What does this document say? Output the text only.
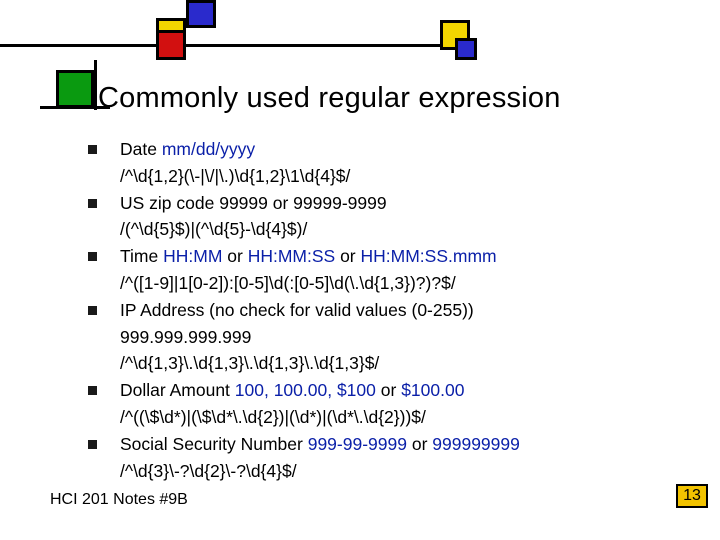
Commonly used regular expression
Date mm/dd/yyyy
/^\d{1,2}(\-|\/|\.)\d{1,2}\1\d{4}$/
US zip code 99999 or 99999-9999
/(^\d{5}$)|(^\d{5}-\d{4}$)/
Time HH:MM or HH:MM:SS or HH:MM:SS.mmm
/^([1-9]|1[0-2]):[0-5]\d(:[0-5]\d(\.\d{1,3})?)?$/
IP Address (no check for valid values (0-255))
999.999.999.999
/^\d{1,3}\.\d{1,3}\.\d{1,3}\.\d{1,3}$/
Dollar Amount 100, 100.00, $100 or $100.00
/^((\$\d*)|(\$\d*\.\d{2})|(\d*)|(\d*\.\d{2}))$/
Social Security Number 999-99-9999 or 999999999
/^\d{3}\-?\d{2}\-?\d{4}$/
HCI 201 Notes #9B	13
